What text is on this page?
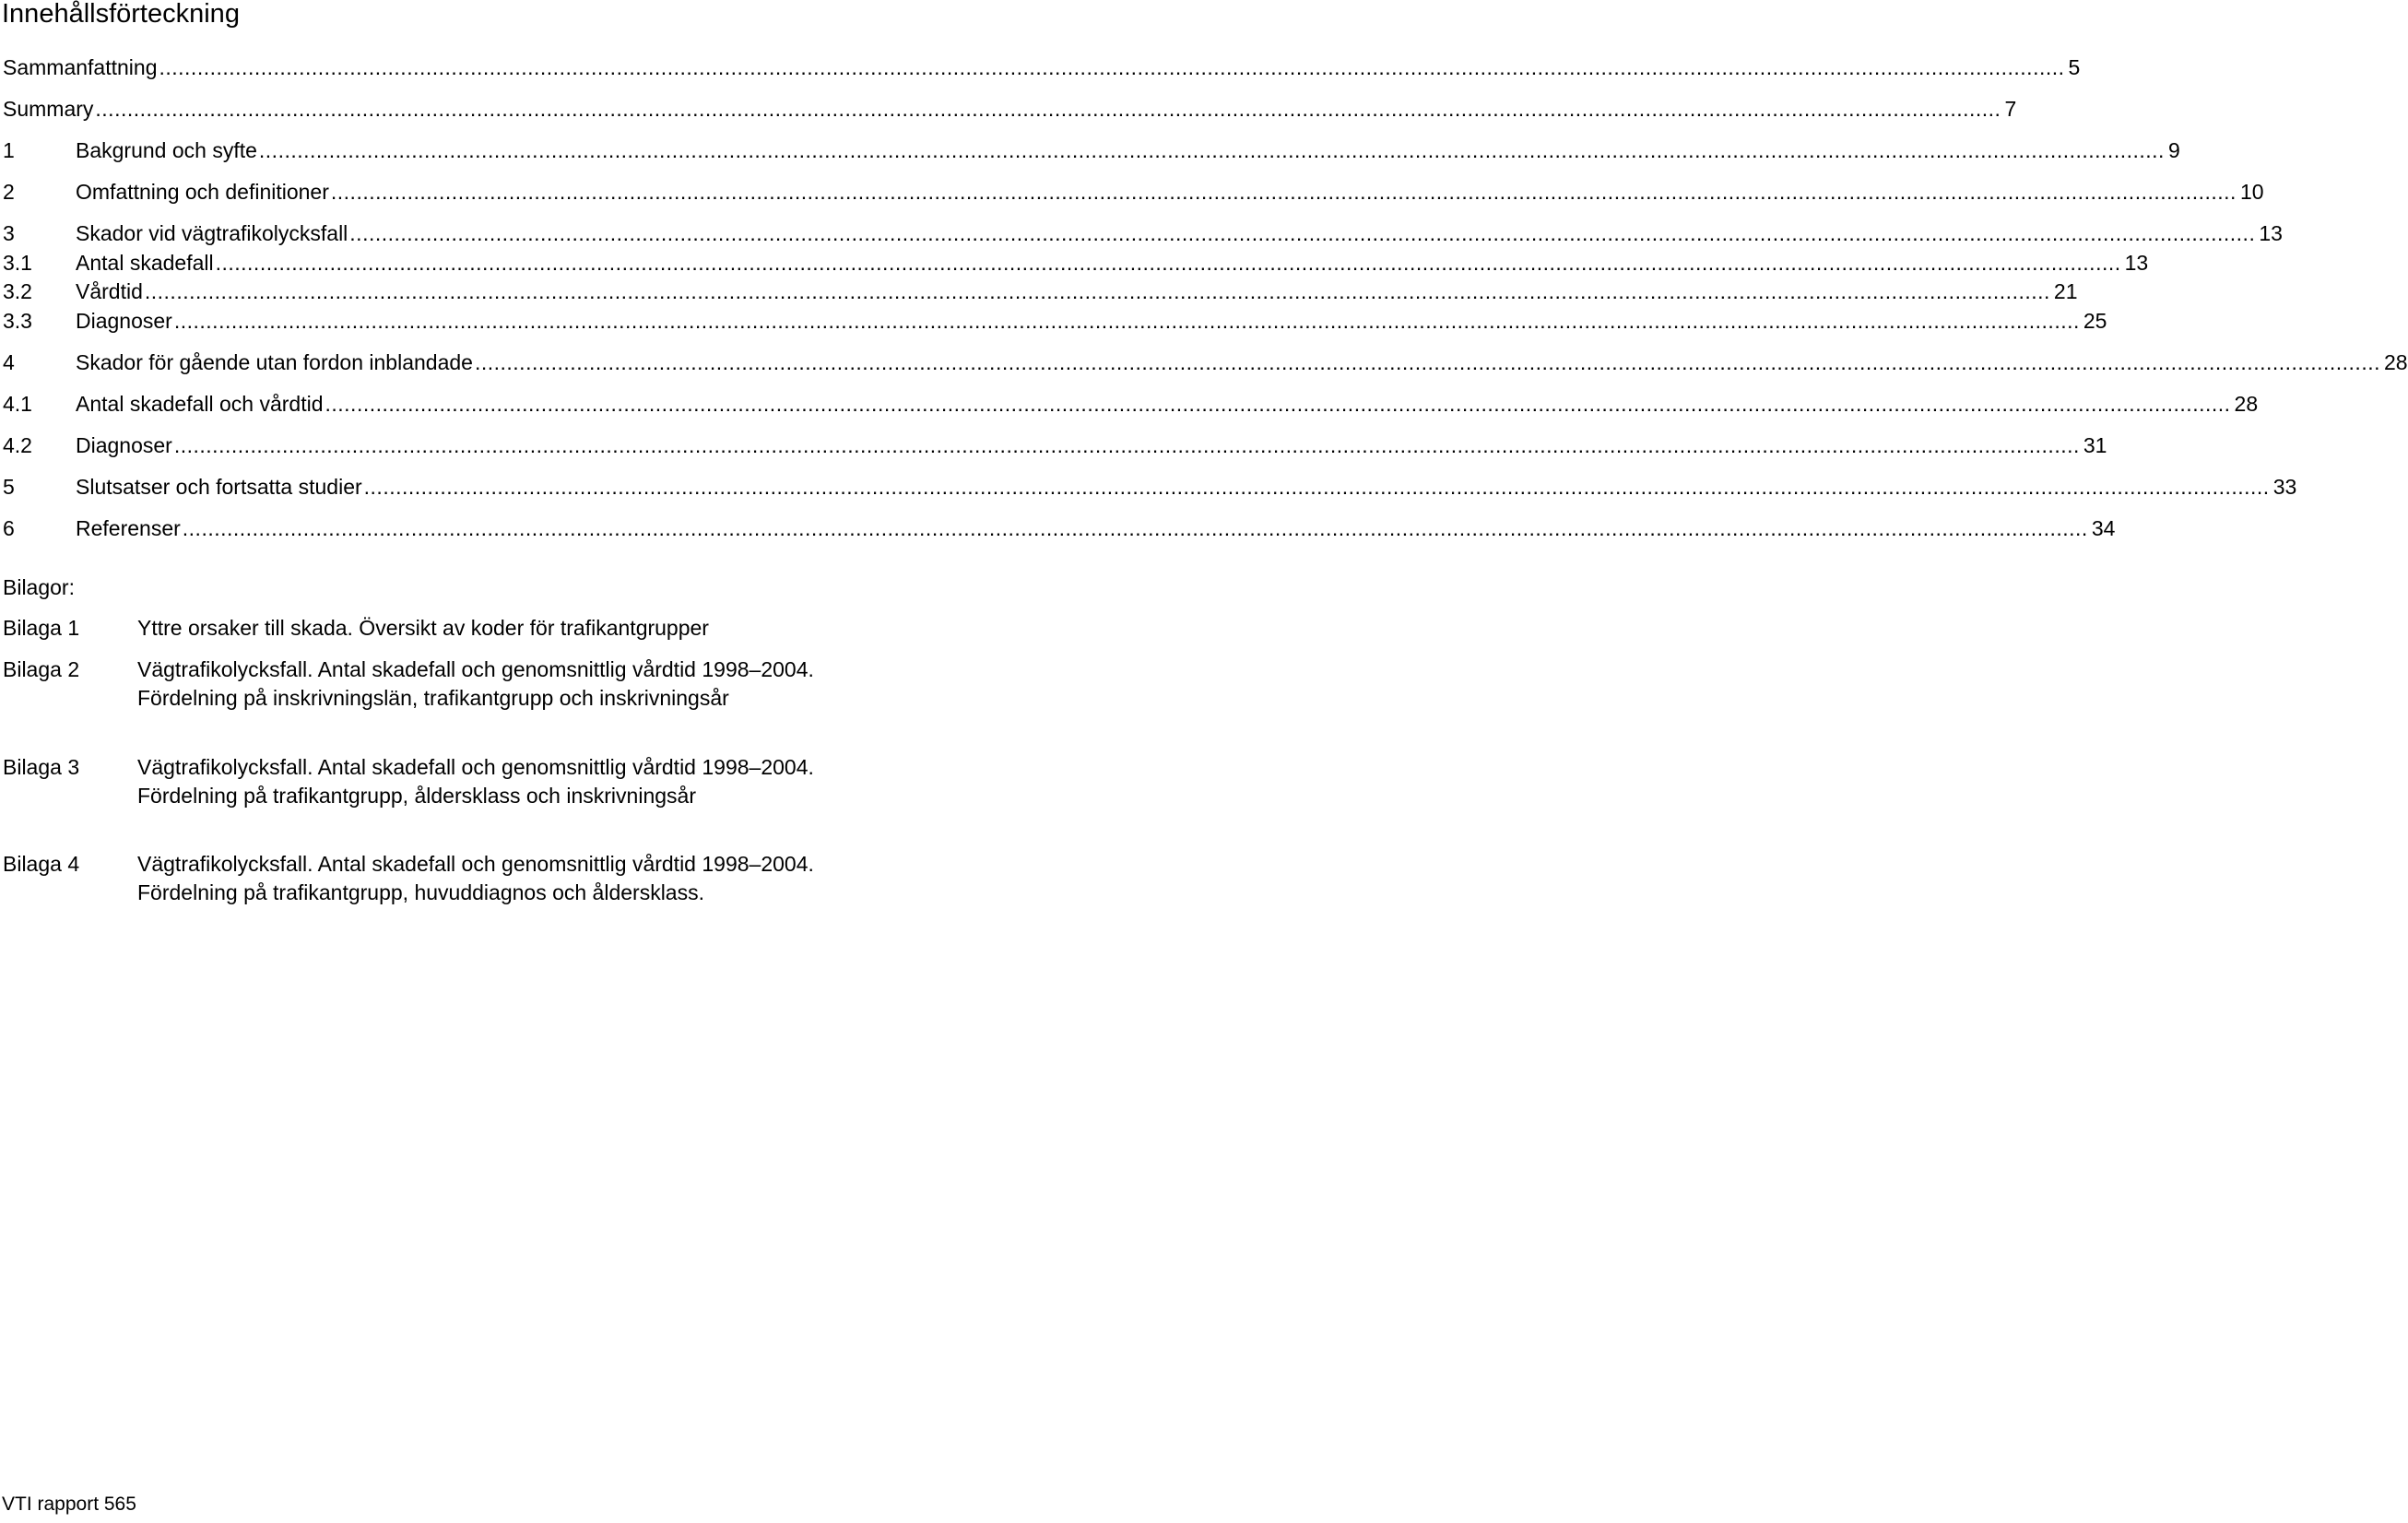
Innehållsförteckning
Sammanfattning ............................................................................................................................................................................................................................................................................................................ 5
Summary ............................................................................................................................................................................................................................................................................................................ 7
1	Bakgrund och syfte ............................................................................................................................................................................................................................................................................................................ 9
2	Omfattning och definitioner ............................................................................................................................................................................................................................................................................................................ 10
3	Skador vid vägtrafikolycksfall ............................................................................................................................................................................................................................................................................................................ 13
3.1 Antal skadefall ............................................................................................................................................................................................................................................................................................................ 13
3.2 Vårdtid ............................................................................................................................................................................................................................................................................................................ 21
3.3 Diagnoser ............................................................................................................................................................................................................................................................................................................ 25
4	Skador för gående utan fordon inblandade ............................................................................................................................................................................................................................................................................................................ 28
4.1 Antal skadefall och vårdtid ............................................................................................................................................................................................................................................................................................................ 28
4.2 Diagnoser ............................................................................................................................................................................................................................................................................................................ 31
5	Slutsatser och fortsatta studier ............................................................................................................................................................................................................................................................................................................ 33
6	Referenser ............................................................................................................................................................................................................................................................................................................ 34
Bilagor:
Bilaga 1	Yttre orsaker till skada. Översikt av koder för trafikantgrupper
Bilaga 2	Vägtrafikolycksfall. Antal skadefall och genomsnittlig vårdtid 1998–2004. Fördelning på inskrivningslän, trafikantgrupp och inskrivningsår
Bilaga 3	Vägtrafikolycksfall. Antal skadefall och genomsnittlig vårdtid 1998–2004. Fördelning på trafikantgrupp, åldersklass och inskrivningsår
Bilaga 4	Vägtrafikolycksfall. Antal skadefall och genomsnittlig vårdtid 1998–2004. Fördelning på trafikantgrupp, huvuddiagnos och åldersklass.
VTI rapport 565
